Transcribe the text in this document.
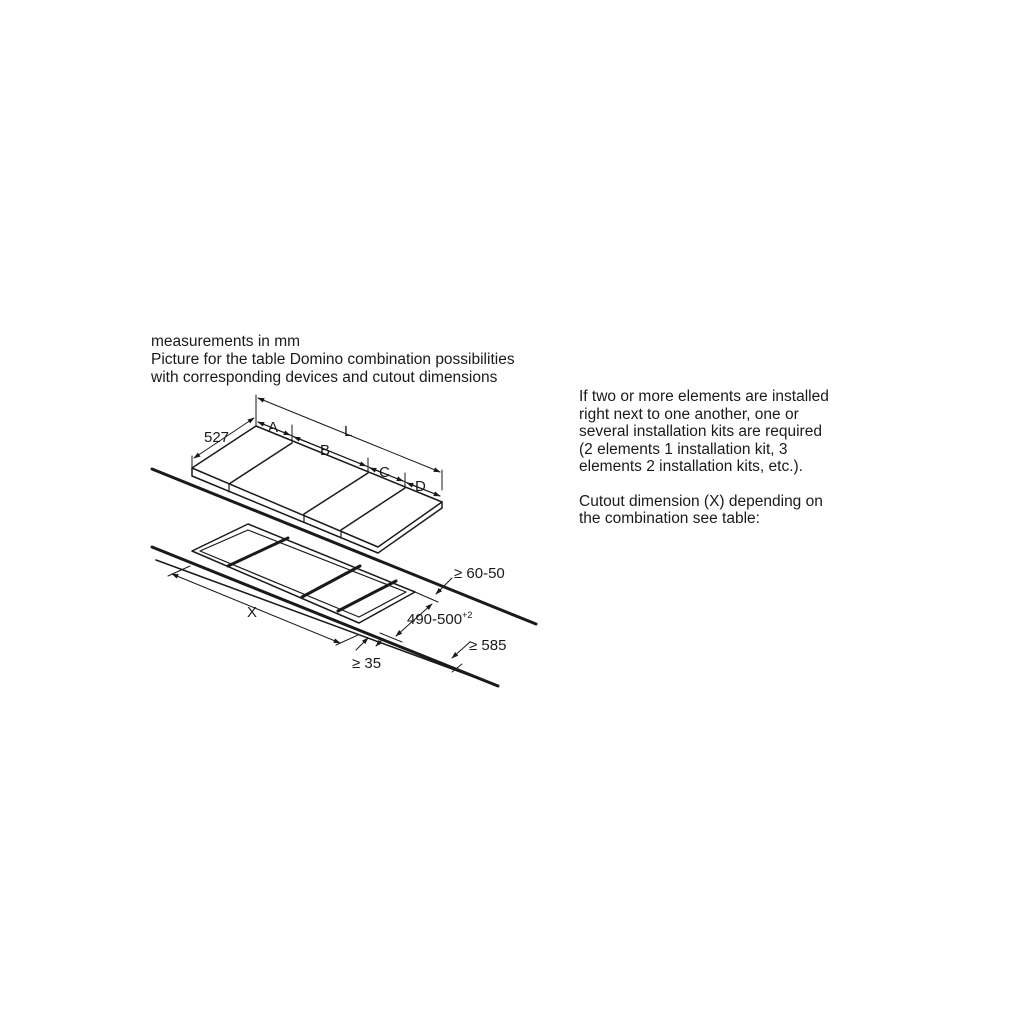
measurements in mm
Picture for the table Domino combination possibilities
with corresponding devices and cutout dimensions

If two or more elements are installed
right next to one another, one or
several installation kits are required
(2 elements 1 installation kit, 3
elements 2 installation kits, etc.).

Cutout dimension (X) depending on
the combination see table:

527
A
B
C
D
L
X
≥ 60-50
$490-500^{+2}$
≥ 585
≥ 35
